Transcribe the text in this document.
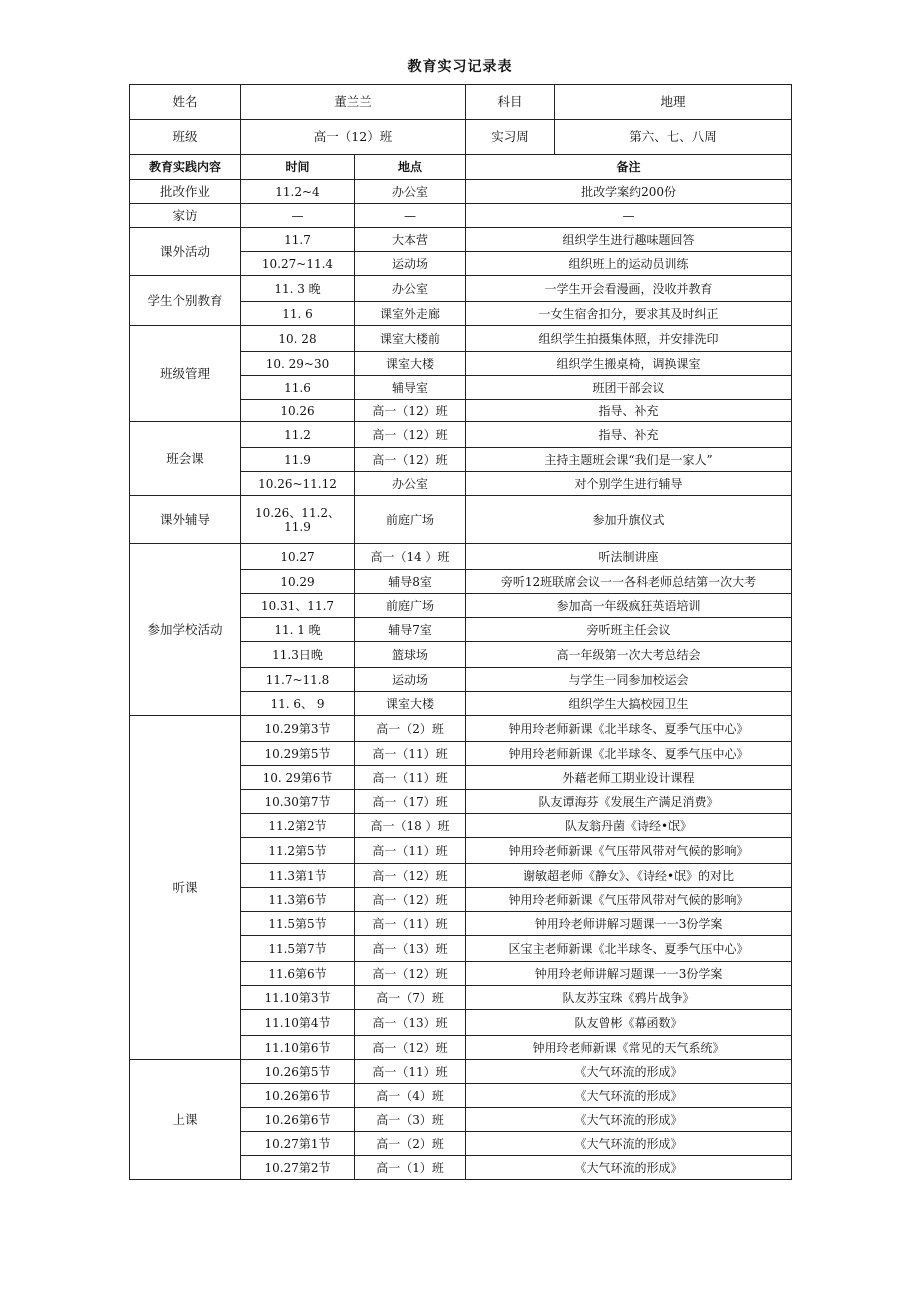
教育实习记录表
姓名	董兰兰		科目	地理
班级	高一（12）班		实习周	第六、七、八周
教育实践内容	时间	地点	备注	
批改作业	11.2~4	办公室	批改学案约200份	
家访	—	—	—	
课外活动	11.7	大本营	组织学生进行趣味题回答	
	10.27~11.4	运动场	组织班上的运动员训练	
学生个别教育	11. 3 晚	办公室	一学生开会看漫画，没收并教育	
	11. 6	课室外走廊	一女生宿舍扣分，要求其及时纠正	
班级管理	10. 28	课室大楼前	组织学生拍摄集体照，并安排洗印	
	10. 29~30	课室大楼	组织学生搬桌椅，调换课室	
	11.6	辅导室	班团干部会议	
	10.26	高一（12）班	指导、补充	
班会课	11.2	高一（12）班	指导、补充	
	11.9	高一（12）班	主持主题班会课“我们是一家人”	
	10.26~11.12	办公室	对个别学生进行辅导	
课外辅导	10.26、11.2、11.9	前庭广场	参加升旗仪式	
参加学校活动	10.27	高一（14 ）班	听法制讲座	
	10.29	辅导8室	旁听12班联席会议一一各科老师总结第一次大考	
	10.31、11.7	前庭广场	参加高一年级疯狂英语培训	
	11. 1 晚	辅导7室	旁听班主任会议	
	11.3日晚	篮球场	高一年级第一次大考总结会	
	11.7~11.8	运动场	与学生一同参加校运会	
	11. 6、 9	课室大楼	组织学生大搞校园卫生	
听课	10.29第3节	高一（2）班	钟用玲老师新课《北半球冬、夏季气压中心》	
	10.29第5节	高一（11）班	钟用玲老师新课《北半球冬、夏季气压中心》	
	10. 29第6节	高一（11）班	外藉老师工期业设计课程	
	10.30第7节	高一（17）班	队友谭海芬《发展生产满足消费》	
	11.2第2节	高一（18 ）班	队友翁丹菌《诗经•氓》	
	11.2第5节	高一（11）班	钟用玲老师新课《气压带风带对气候的影响》	
	11.3第1节	高一（12）班	谢敏超老师《静女》、《诗经•氓》的对比	
	11.3第6节	高一（12）班	钟用玲老师新课《气压带风带对气候的影响》	
	11.5第5节	高一（11）班	钟用玲老师讲解习题课一一3份学案	
	11.5第7节	高一（13）班	区宝主老师新课《北半球冬、夏季气压中心》	
	11.6第6节	高一（12）班	钟用玲老师讲解习题课一一3份学案	
	11.10第3节	高一（7）班	队友苏宝珠《鸦片战争》	
	11.10第4节	高一（13）班	队友曾彬《幕函数》	
	11.10第6节	高一（12）班	钟用玲老师新课《常见的天气系统》	
上课	10.26第5节	高一（11）班	《大气环流的形成》	
	10.26第6节	高一（4）班	《大气环流的形成》	
	10.26第6节	高一（3）班	《大气环流的形成》	
	10.27第1节	高一（2）班	《大气环流的形成》	
	10.27第2节	高一（1）班	《大气环流的形成》	
